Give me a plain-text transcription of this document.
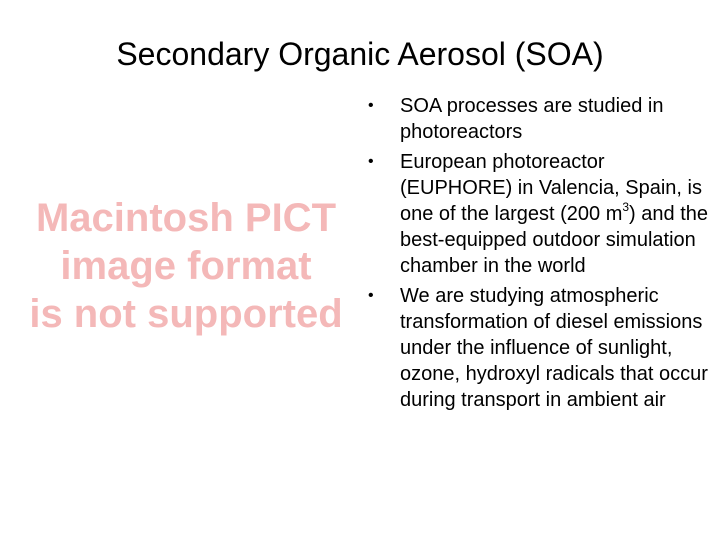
Secondary Organic Aerosol (SOA)
Macintosh PICT
image format
is not supported
• SOA processes are studied in photoreactors
• European photoreactor (EUPHORE) in Valencia, Spain, is one of the largest (200 $m^3$) and the best-equipped outdoor simulation chamber in the world
• We are studying atmospheric transformation of diesel emissions under the influence of sunlight, ozone, hydroxyl radicals that occur during transport in ambient air
